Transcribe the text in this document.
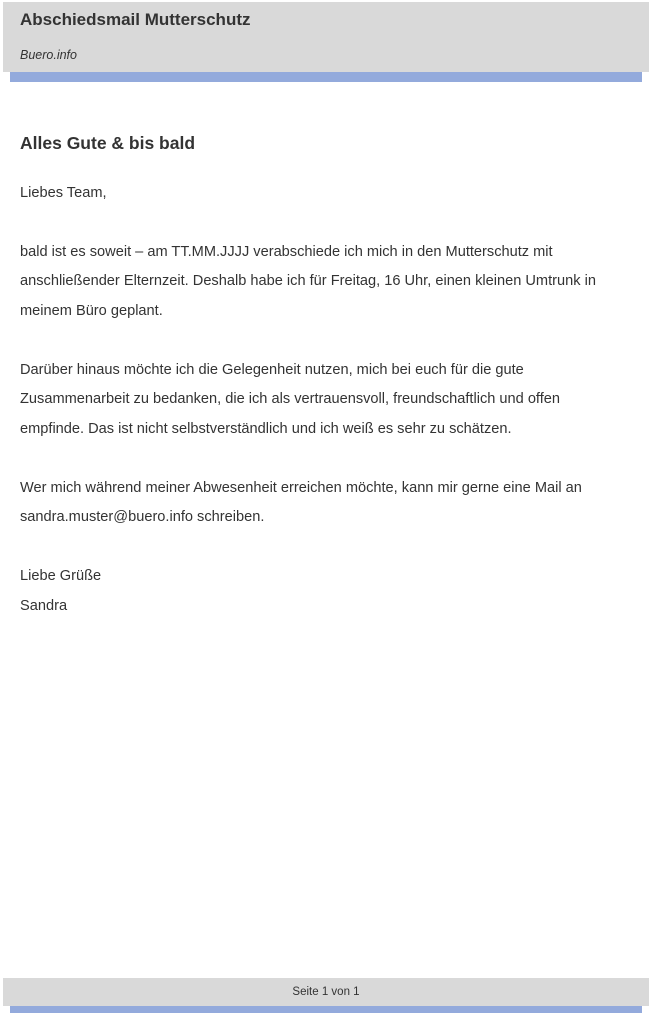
Abschiedsmail Mutterschutz
Buero.info
Alles Gute & bis bald

Liebes Team,

bald ist es soweit – am TT.MM.JJJJ verabschiede ich mich in den Mutterschutz mit anschließender Elternzeit. Deshalb habe ich für Freitag, 16 Uhr, einen kleinen Umtrunk in meinem Büro geplant.

Darüber hinaus möchte ich die Gelegenheit nutzen, mich bei euch für die gute Zusammenarbeit zu bedanken, die ich als vertrauensvoll, freundschaftlich und offen empfinde. Das ist nicht selbstverständlich und ich weiß es sehr zu schätzen.

Wer mich während meiner Abwesenheit erreichen möchte, kann mir gerne eine Mail an sandra.muster@buero.info schreiben.

Liebe Grüße

Sandra

Seite 1 von 1
